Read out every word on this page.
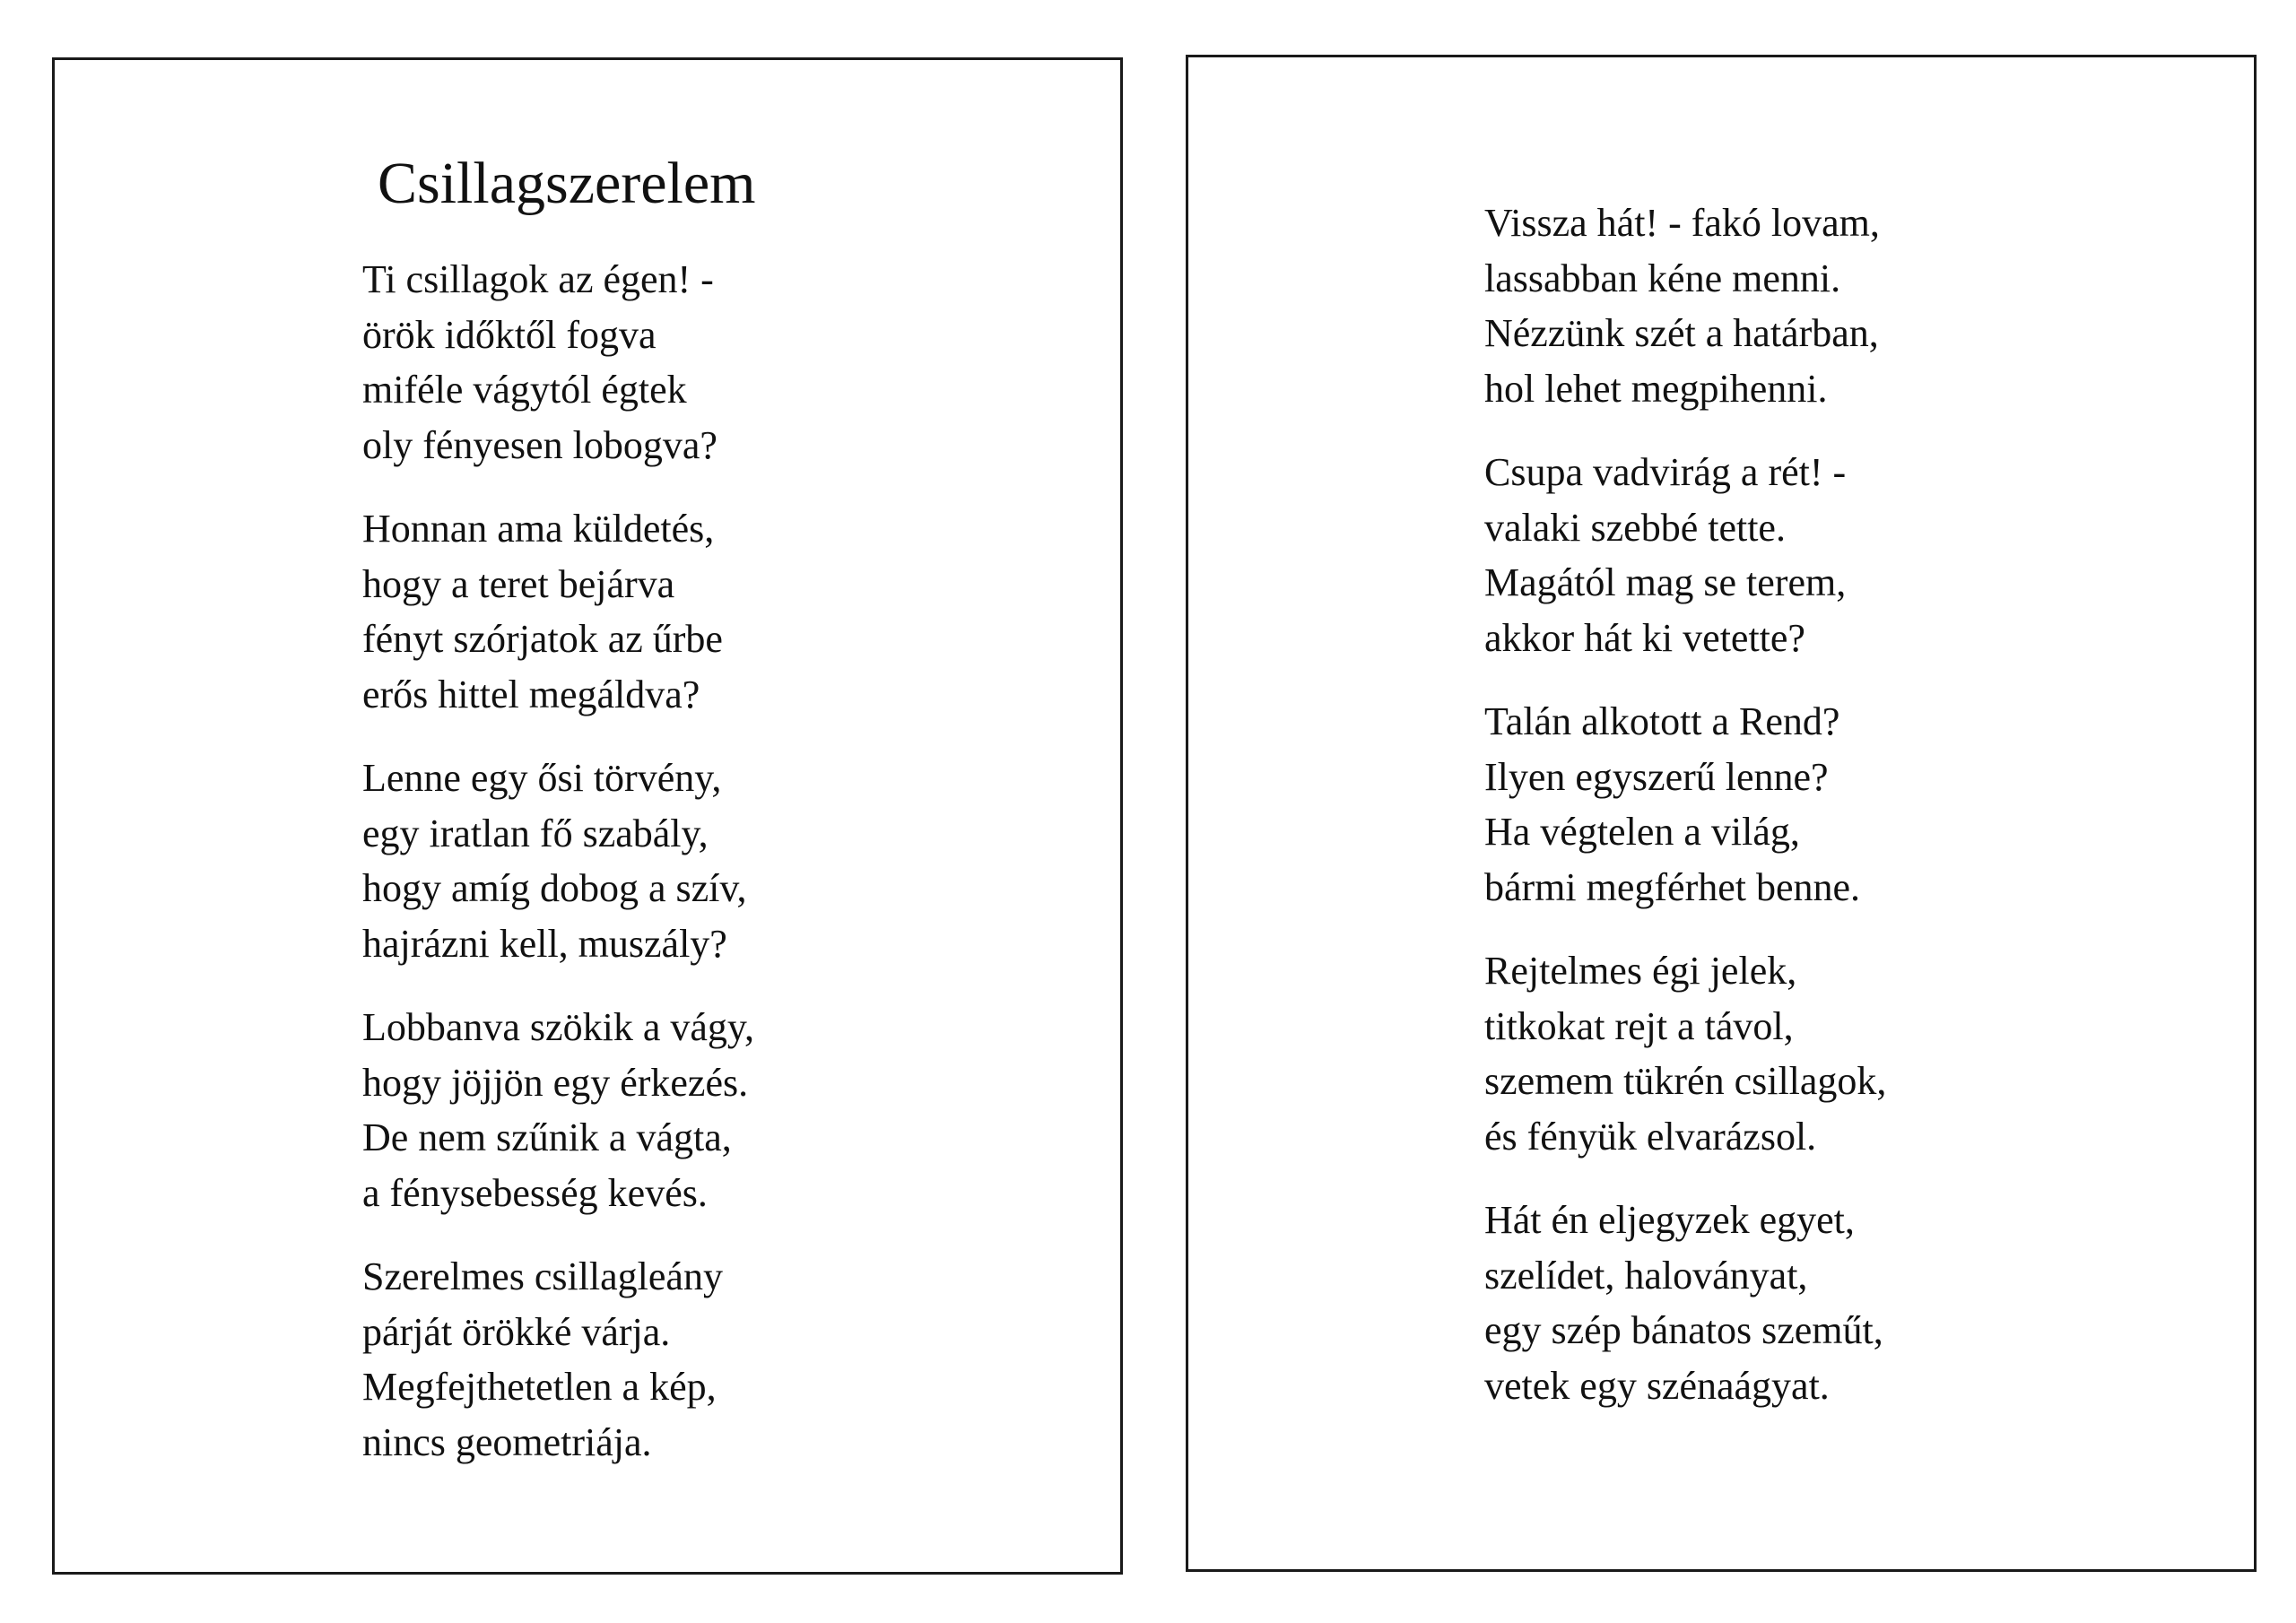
Csillagszerelem
Ti csillagok az égen! -
örök időktől fogva
miféle vágytól égtek
oly fényesen lobogva?
Honnan ama küldetés,
hogy a teret bejárva
fényt szórjatok az űrbe
erős hittel megáldva?
Lenne egy ősi törvény,
egy iratlan fő szabály,
hogy amíg dobog a szív,
hajrázni kell, muszály?
Lobbanva szökik a vágy,
hogy jöjjön egy érkezés.
De nem szűnik a vágta,
a fénysebesség kevés.
Szerelmes csillagleány
párját örökké várja.
Megfejthetetlen a kép,
nincs geometriája.
Vissza hát! - fakó lovam,
lassabban kéne menni.
Nézzünk szét a határban,
hol lehet megpihenni.
Csupa vadvirág a rét! -
valaki szebbé tette.
Magától mag se terem,
akkor hát ki vetette?
Talán alkotott a Rend?
Ilyen egyszerű lenne?
Ha végtelen a világ,
bármi megférhet benne.
Rejtelmes égi jelek,
titkokat rejt a távol,
szemem tükrén csillagok,
és fényük elvarázsol.
Hát én eljegyzek egyet,
szelídet, haloványat,
egy szép bánatos szeműt,
vetek egy szénaágyat.
